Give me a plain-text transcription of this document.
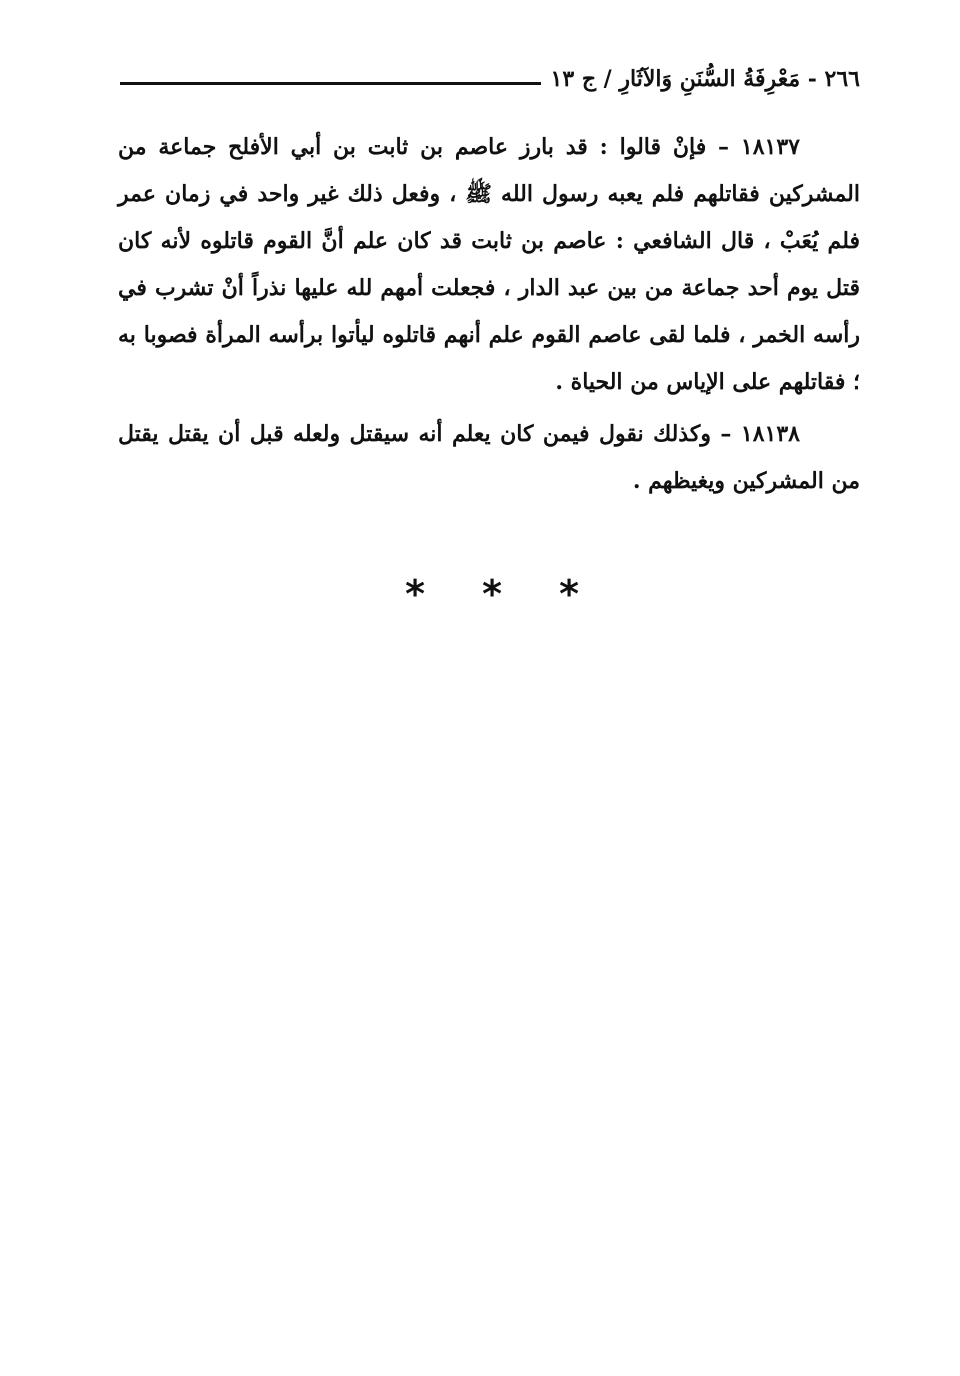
٢٦٦ - مَعْرِفَةُ السُّنَنِ وَالآثَارِ / ج ١٣

١٨١٣٧ – فإنْ قالوا : قد بارز عاصم بن ثابت بن أبي الأفلح جماعة من المشركين فقاتلهم فلم يعبه رسول الله ﷺ ، وفعل ذلك غير واحد في زمان عمر فلم يُعَبْ ، قال الشافعي : عاصم بن ثابت قد كان علم أنَّ القوم قاتلوه لأنه كان قتل يوم أحد جماعة من بين عبد الدار ، فجعلت أمهم لله عليها نذراً أنْ تشرب في رأسه الخمر ، فلما لقى عاصم القوم علم أنهم قاتلوه ليأتوا برأسه المرأة فصوبا به ؛ فقاتلهم على الإياس من الحياة .

١٨١٣٨ – وكذلك نقول فيمن كان يعلم أنه سيقتل ولعله قبل أن يقتل يقتل من المشركين ويغيظهم .

* * *
